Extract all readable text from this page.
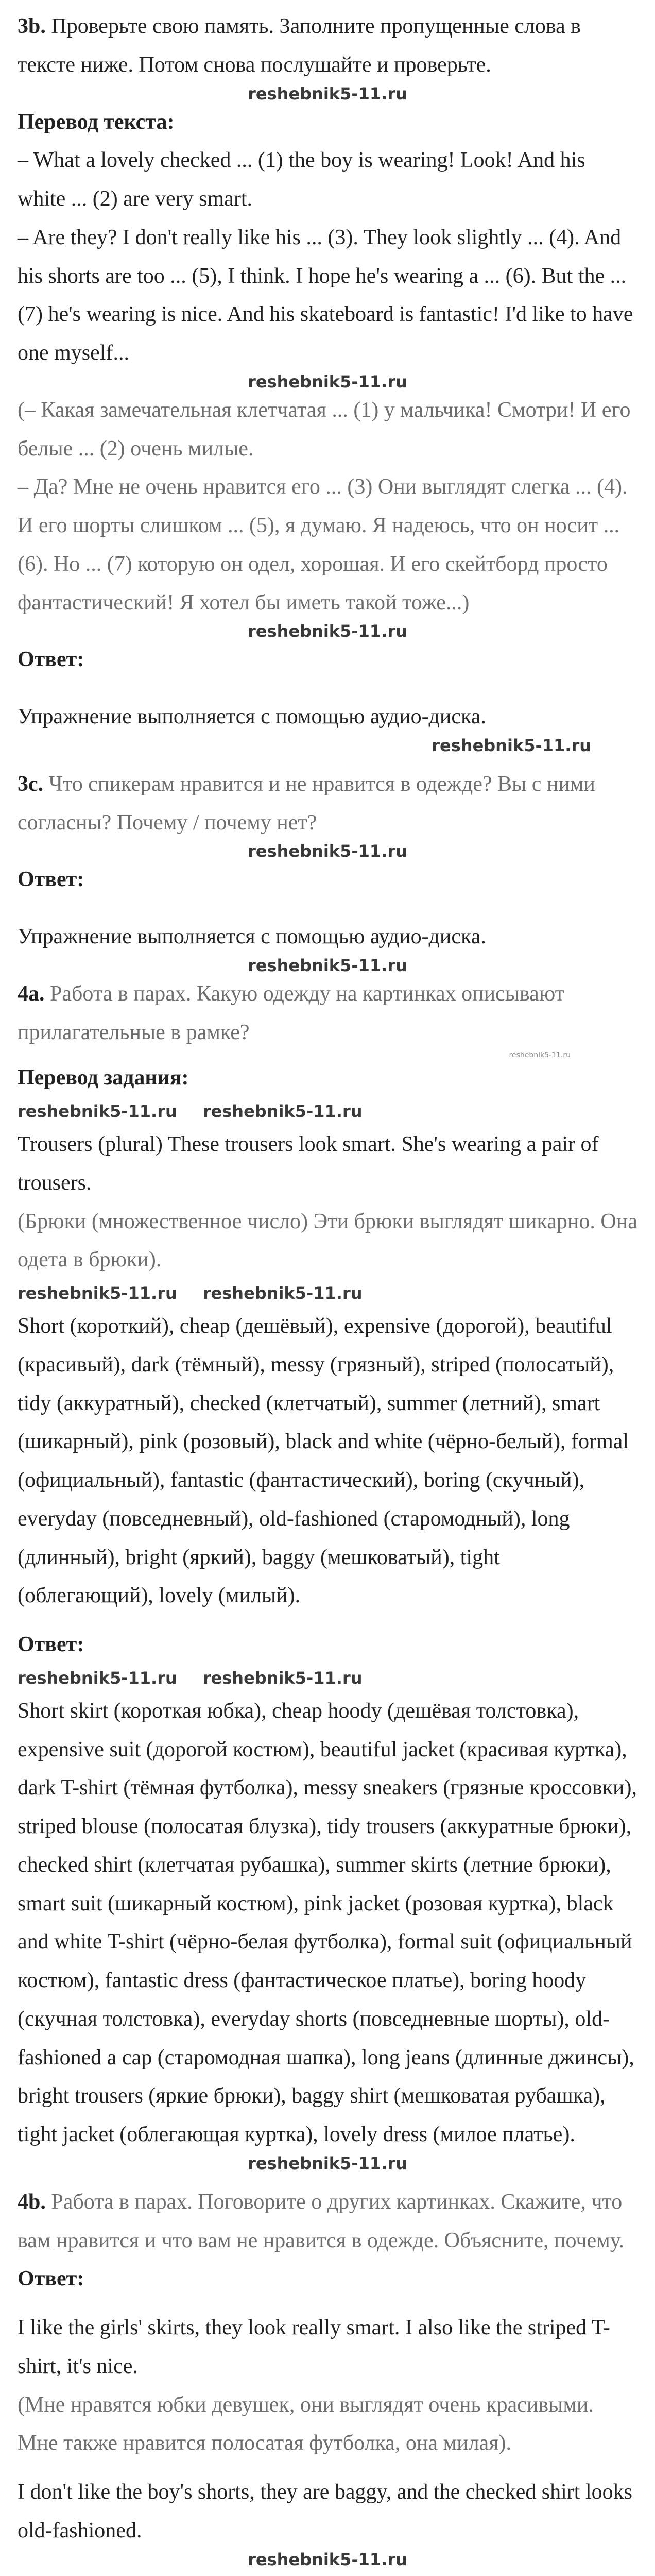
3b. Проверьте свою память. Заполните пропущенные слова в тексте ниже. Потом снова послушайте и проверьте.

reshebnik5-11.ru

Перевод текста:

– What a lovely checked ... (1) the boy is wearing! Look! And his white ... (2) are very smart.
– Are they? I don't really like his ... (3). They look slightly ... (4). And his shorts are too ... (5), I think. I hope he's wearing a ... (6). But the ... (7) he's wearing is nice. And his skateboard is fantastic! I'd like to have one myself...

reshebnik5-11.ru

(– Какая замечательная клетчатая ... (1) у мальчика! Смотри! И его белые ... (2) очень милые.
– Да? Мне не очень нравится его ... (3) Они выглядят слегка ... (4). И его шорты слишком ... (5), я думаю. Я надеюсь, что он носит ... (6). Но ... (7) которую он одел, хорошая. И его скейтборд просто фантастический! Я хотел бы иметь такой тоже...)

reshebnik5-11.ru

Ответ:

Упражнение выполняется с помощью аудио-диска.

reshebnik5-11.ru

3c. Что спикерам нравится и не нравится в одежде? Вы с ними согласны? Почему / почему нет?

reshebnik5-11.ru

Ответ:

Упражнение выполняется с помощью аудио-диска.

reshebnik5-11.ru

4a. Работа в парах. Какую одежду на картинках описывают прилагательные в рамке?

reshebnik5-11.ru

Перевод задания:

reshebnik5-11.ru reshebnik5-11.ru

Trousers (plural) These trousers look smart. She's wearing a pair of trousers.

(Брюки (множественное число) Эти брюки выглядят шикарно. Она одета в брюки).

reshebnik5-11.ru reshebnik5-11.ru

Short (короткий), cheap (дешёвый), expensive (дорогой), beautiful (красивый), dark (тёмный), messy (грязный), striped (полосатый), tidy (аккуратный), checked (клетчатый), summer (летний), smart (шикарный), pink (розовый), black and white (чёрно-белый), formal (официальный), fantastic (фантастический), boring (скучный), everyday (повседневный), old-fashioned (старомодный), long (длинный), bright (яркий), baggy (мешковатый), tight (облегающий), lovely (милый).

Ответ:

reshebnik5-11.ru reshebnik5-11.ru

Short skirt (короткая юбка), cheap hoody (дешёвая толстовка), expensive suit (дорогой костюм), beautiful jacket (красивая куртка), dark T-shirt (тёмная футболка), messy sneakers (грязные кроссовки), striped blouse (полосатая блузка), tidy trousers (аккуратные брюки), checked shirt (клетчатая рубашка), summer skirts (летние брюки), smart suit (шикарный костюм), pink jacket (розовая куртка), black and white T-shirt (чёрно-белая футболка), formal suit (официальный костюм), fantastic dress (фантастическое платье), boring hoody (скучная толстовка), everyday shorts (повседневные шорты), old-fashioned a cap (старомодная шапка), long jeans (длинные джинсы), bright trousers (яркие брюки), baggy shirt (мешковатая рубашка), tight jacket (облегающая куртка), lovely dress (милое платье).

reshebnik5-11.ru

4b. Работа в парах. Поговорите о других картинках. Скажите, что вам нравится и что вам не нравится в одежде. Объясните, почему.

Ответ:

I like the girls' skirts, they look really smart. I also like the striped T-shirt, it's nice.

(Мне нравятся юбки девушек, они выглядят очень красивыми. Мне также нравится полосатая футболка, она милая).

I don't like the boy's shorts, they are baggy, and the checked shirt looks old-fashioned.

reshebnik5-11.ru
